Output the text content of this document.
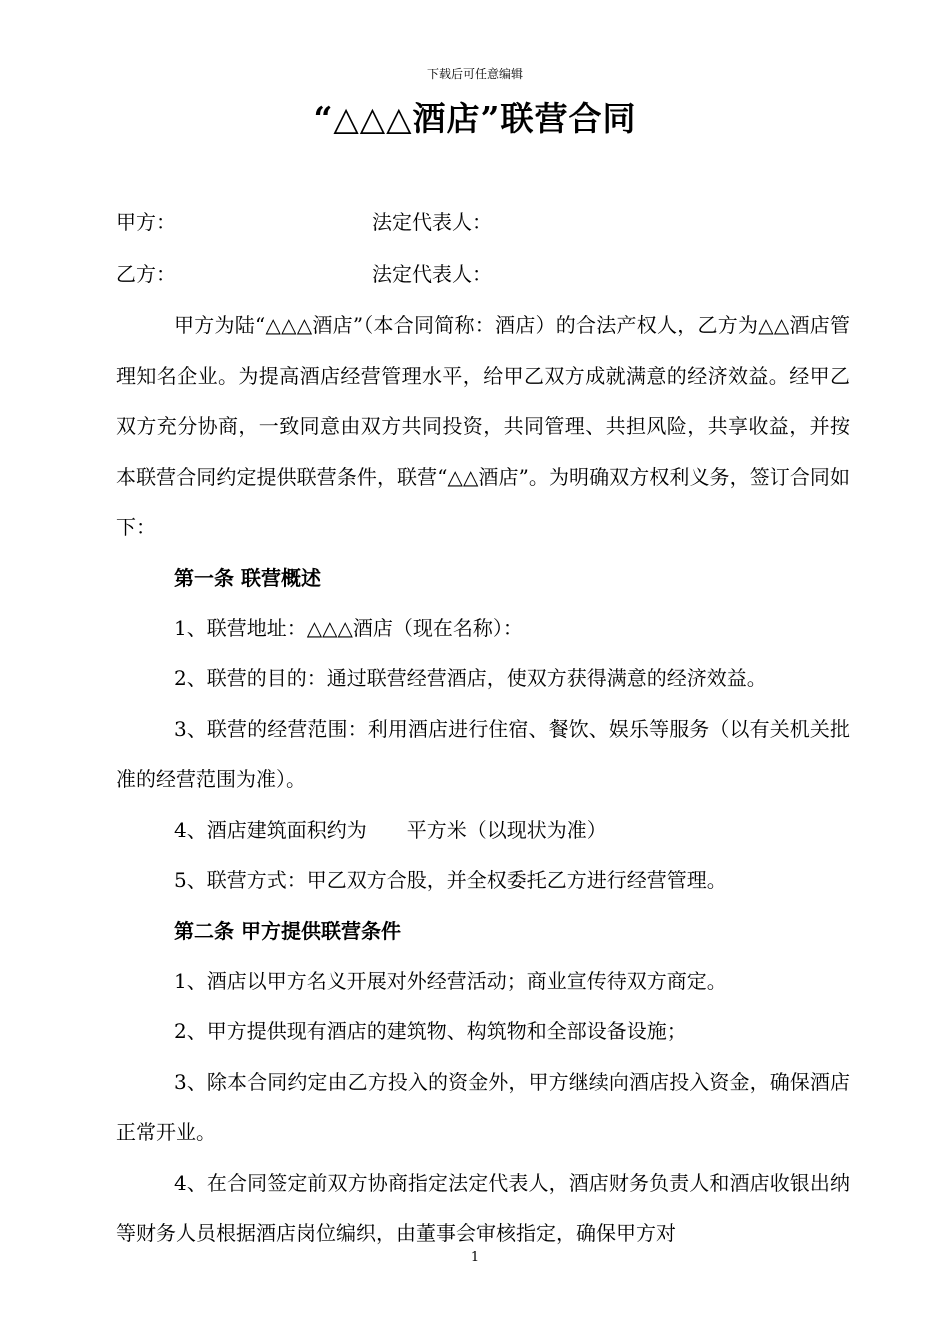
下载后可任意编辑
“△△△酒店”联营合同
甲方：	法定代表人：
乙方：	法定代表人：
甲方为陆“△△△酒店”（本合同简称：酒店）的合法产权人，乙方为△△酒店管理知名企业。为提高酒店经营管理水平，给甲乙双方成就满意的经济效益。经甲乙双方充分协商，一致同意由双方共同投资，共同管理、共担风险，共享收益，并按本联营合同约定提供联营条件，联营“△△酒店”。为明确双方权利义务，签订合同如下：
第一条 联营概述
1、联营地址：△△△酒店（现在名称）：
2、联营的目的：通过联营经营酒店，使双方获得满意的经济效益。
3、联营的经营范围：利用酒店进行住宿、餐饮、娱乐等服务（以有关机关批准的经营范围为准）。
4、酒店建筑面积约为　　平方米（以现状为准）
5、联营方式：甲乙双方合股，并全权委托乙方进行经营管理。
第二条 甲方提供联营条件
1、酒店以甲方名义开展对外经营活动；商业宣传待双方商定。
2、甲方提供现有酒店的建筑物、构筑物和全部设备设施；
3、除本合同约定由乙方投入的资金外，甲方继续向酒店投入资金，确保酒店正常开业。
4、在合同签定前双方协商指定法定代表人，酒店财务负责人和酒店收银出纳等财务人员根据酒店岗位编织，由董事会审核指定，确保甲方对
1
